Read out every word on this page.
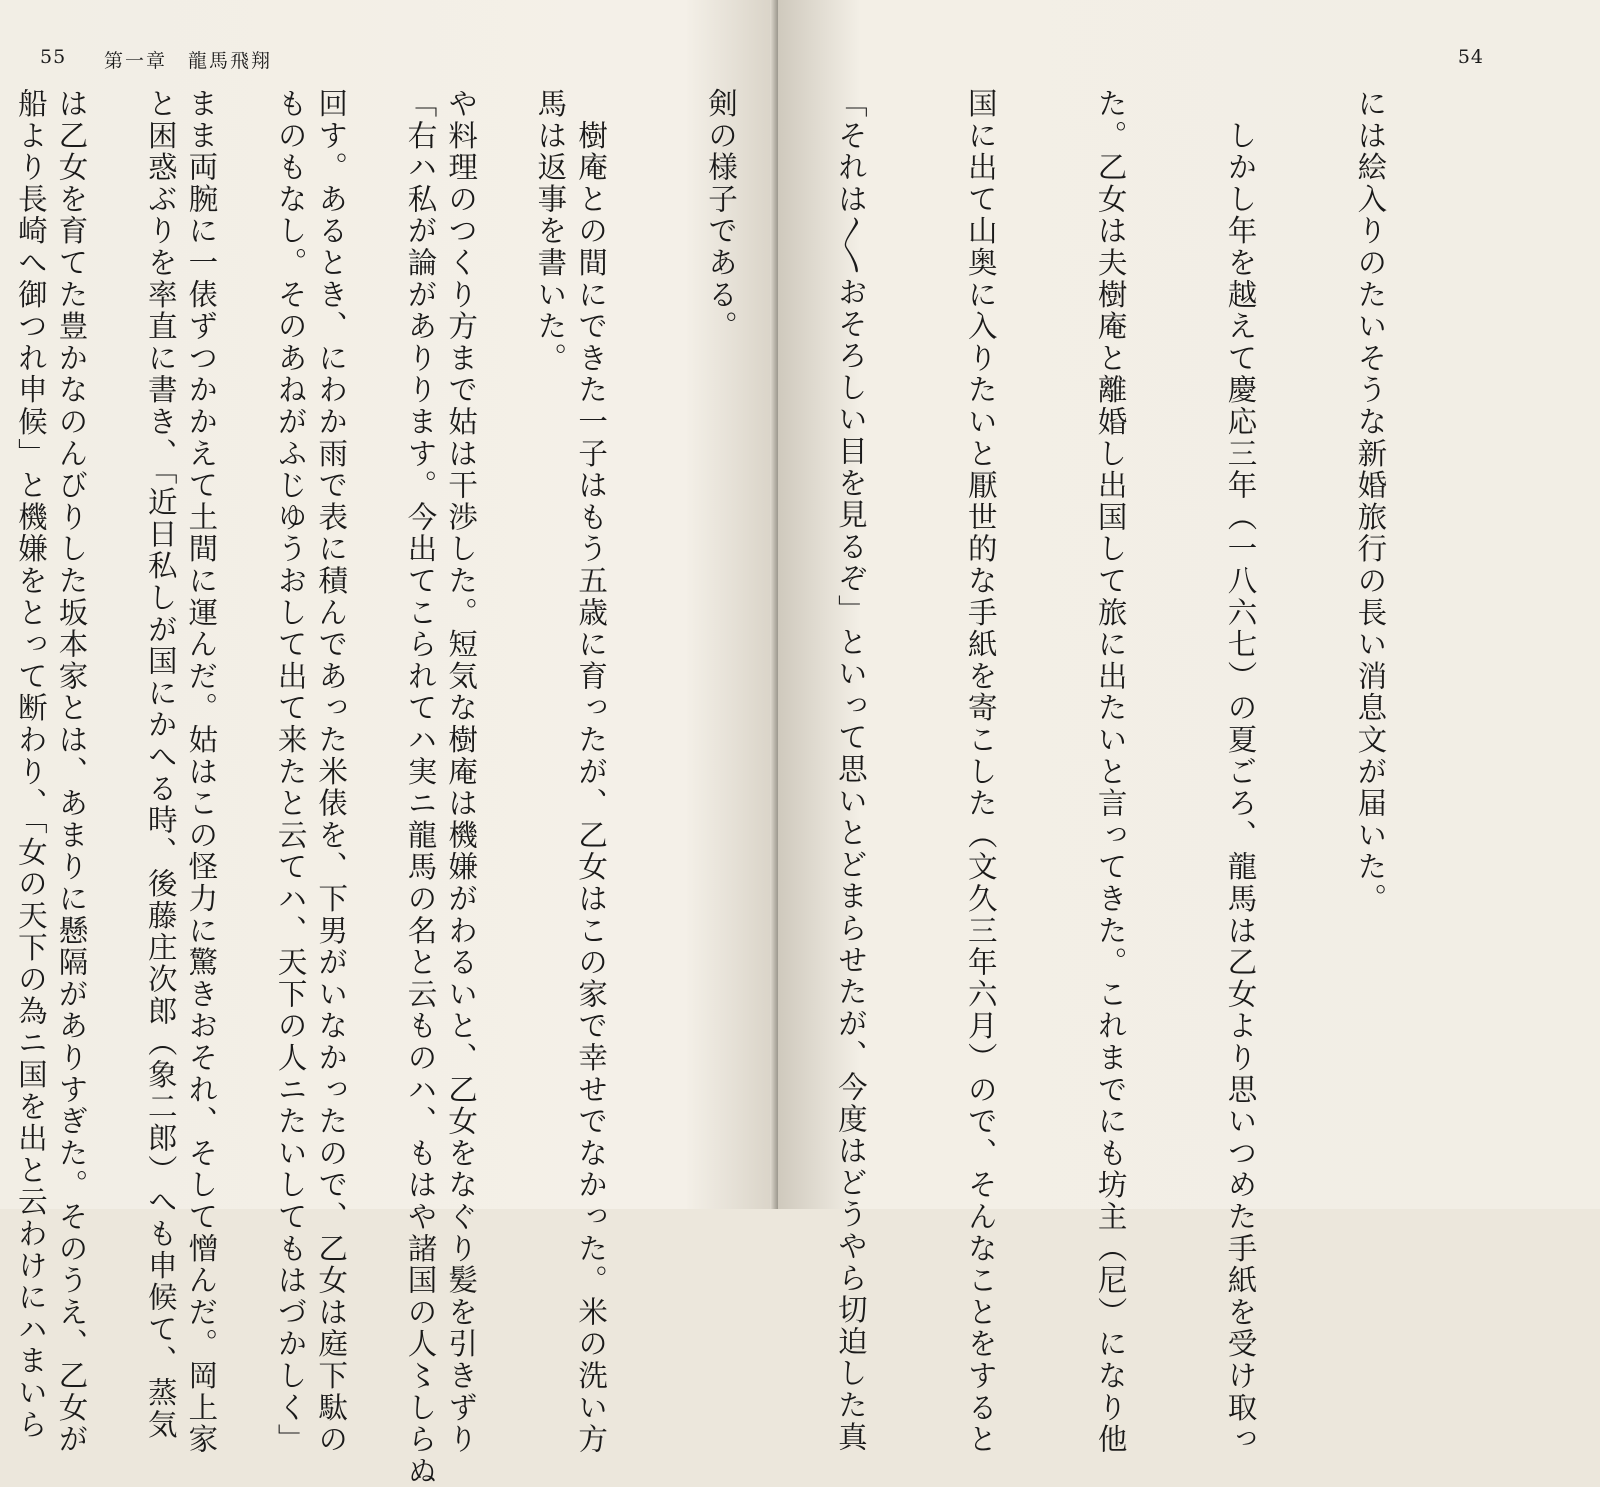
55 第一章　龍馬飛翔

馬は返事を書いた。

「右ハ私が論がありります。今出てこられてハ実ニ龍馬の名と云ものハ、もはや諸国の人〻しらぬ

ものもなし。そのあねがふじゆうおして出て来たと云てハ、天下の人ニたいしてもはづかしく」

と困惑ぶりを率直に書き、「近日私しが国にかへる時、後藤庄次郎（象二郎）へも申候て、蒸気

船より長崎へ御つれ申候」と機嫌をとって断わり、「女の天下の為ニ国を出と云わけにハまいら

54

には絵入りのたいそうな新婚旅行の長い消息文が届いた。

　しかし年を越えて慶応三年（一八六七）の夏ごろ、龍馬は乙女より思いつめた手紙を受け取っ

た。乙女は夫樹庵と離婚し出国して旅に出たいと言ってきた。これまでにも坊主（尼）になり他

国に出て山奥に入りたいと厭世的な手紙を寄こした（文久三年六月）ので、そんなことをすると

「それは〳〵おそろしい目を見るぞ」といって思いとどまらせたが、今度はどうやら切迫した真

剣の様子である。

　樹庵との間にできた一子はもう五歳に育ったが、乙女はこの家で幸せでなかった。米の洗い方

や料理のつくり方まで姑は干渉した。短気な樹庵は機嫌がわるいと、乙女をなぐり髪を引きずり

回す。あるとき、にわか雨で表に積んであった米俵を、下男がいなかったので、乙女は庭下駄の

まま両腕に一俵ずつかかえて土間に運んだ。姑はこの怪力に驚きおそれ、そして憎んだ。岡上家

は乙女を育てた豊かなのんびりした坂本家とは、あまりに懸隔がありすぎた。そのうえ、乙女が
